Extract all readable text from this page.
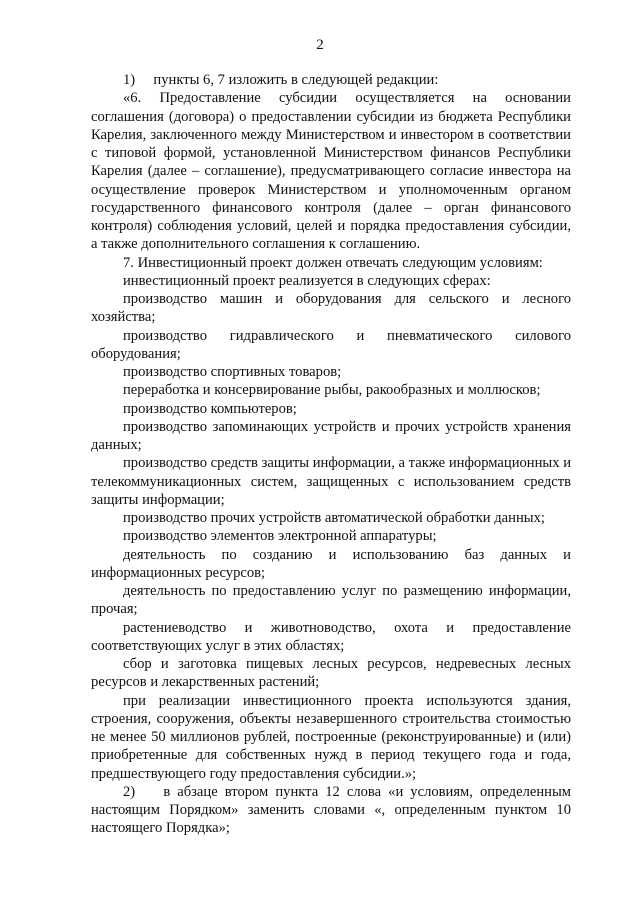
2

1)     пункты 6, 7 изложить в следующей редакции:

«6. Предоставление субсидии осуществляется на основании соглашения (договора) о предоставлении субсидии из бюджета Республики Карелия, заключенного между Министерством и инвестором в соответствии с типовой формой, установленной Министерством финансов Республики Карелия (далее – соглашение), предусматривающего согласие инвестора на осуществление проверок Министерством и уполномоченным органом государственного финансового контроля (далее – орган финансового контроля) соблюдения условий, целей и порядка предоставления субсидии, а также дополнительного соглашения к соглашению.

7. Инвестиционный проект должен отвечать следующим условиям:

инвестиционный проект реализуется в следующих сферах:

производство машин и оборудования для сельского и лесного хозяйства;

производство гидравлического и пневматического силового оборудования;

производство спортивных товаров;

переработка и консервирование рыбы, ракообразных и моллюсков;

производство компьютеров;

производство запоминающих устройств и прочих устройств хранения данных;

производство средств защиты информации, а также информационных и телекоммуникационных систем, защищенных с использованием средств защиты информации;

производство прочих устройств автоматической обработки данных;

производство элементов электронной аппаратуры;

деятельность по созданию и использованию баз данных и информационных ресурсов;

деятельность по предоставлению услуг по размещению информации, прочая;

растениеводство и животноводство, охота и предоставление соответствующих услуг в этих областях;

сбор и заготовка пищевых лесных ресурсов, недревесных лесных ресурсов и лекарственных растений;

при реализации инвестиционного проекта используются здания, строения, сооружения, объекты незавершенного строительства стоимостью не менее 50 миллионов рублей, построенные (реконструированные) и (или) приобретенные для собственных нужд в период текущего года и года, предшествующего году предоставления субсидии.»;

2)    в абзаце втором пункта 12 слова «и условиям, определенным настоящим Порядком» заменить словами «, определенным пунктом 10 настоящего Порядка»;
